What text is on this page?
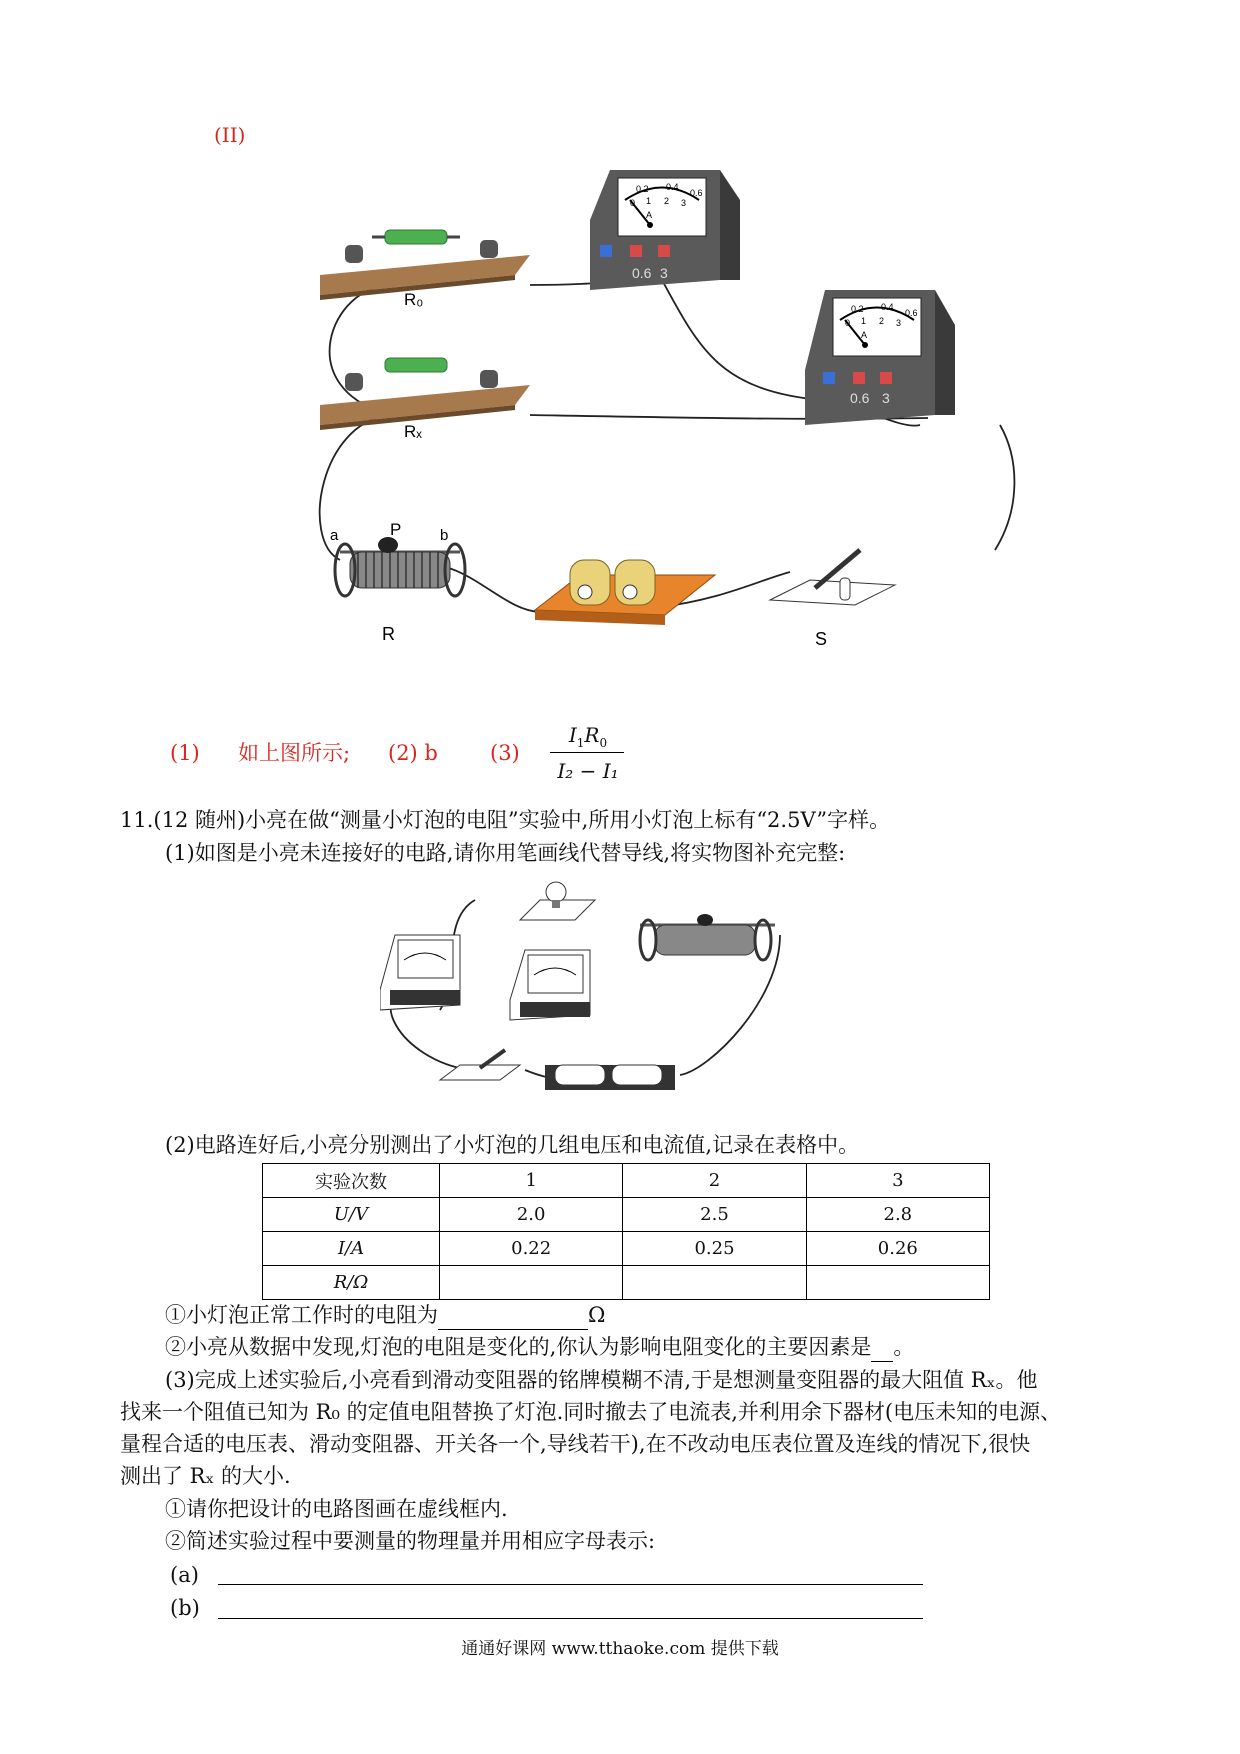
(II)
R₀
Rₓ
0.6 3
0.2 0.4
0 1 2 3
0.6
A
0.6 3
0.2 0.4
0 1 2 3
0.6
A
a	P	b
R	S
(1) 如上图所示; (2) b (3)
$I_1R_0$
I₂ − I₁
11.(12 随州)小亮在做“测量小灯泡的电阻”实验中,所用小灯泡上标有“2.5V”字样。
(1)如图是小亮未连接好的电路,请你用笔画线代替导线,将实物图补充完整:
(2)电路连好后,小亮分别测出了小灯泡的几组电压和电流值,记录在表格中。
实验次数	1	2	3
U/V	2.0	2.5	2.8
I/A	0.22	0.25	0.26
R/Ω			
①小灯泡正常工作时的电阻为	Ω
②小亮从数据中发现,灯泡的电阻是变化的,你认为影响电阻变化的主要因素是 。
(3)完成上述实验后,小亮看到滑动变阻器的铭牌模糊不清,于是想测量变阻器的最大阻值 Rₓ。他
找来一个阻值已知为 R₀ 的定值电阻替换了灯泡.同时撤去了电流表,并利用余下器材(电压未知的电源、
量程合适的电压表、滑动变阻器、开关各一个,导线若干),在不改动电压表位置及连线的情况下,很快
测出了 Rₓ 的大小.
①请你把设计的电路图画在虚线框内.
②简述实验过程中要测量的物理量并用相应字母表示:
(a)
(b)
通通好课网 www.tthaoke.com 提供下载
